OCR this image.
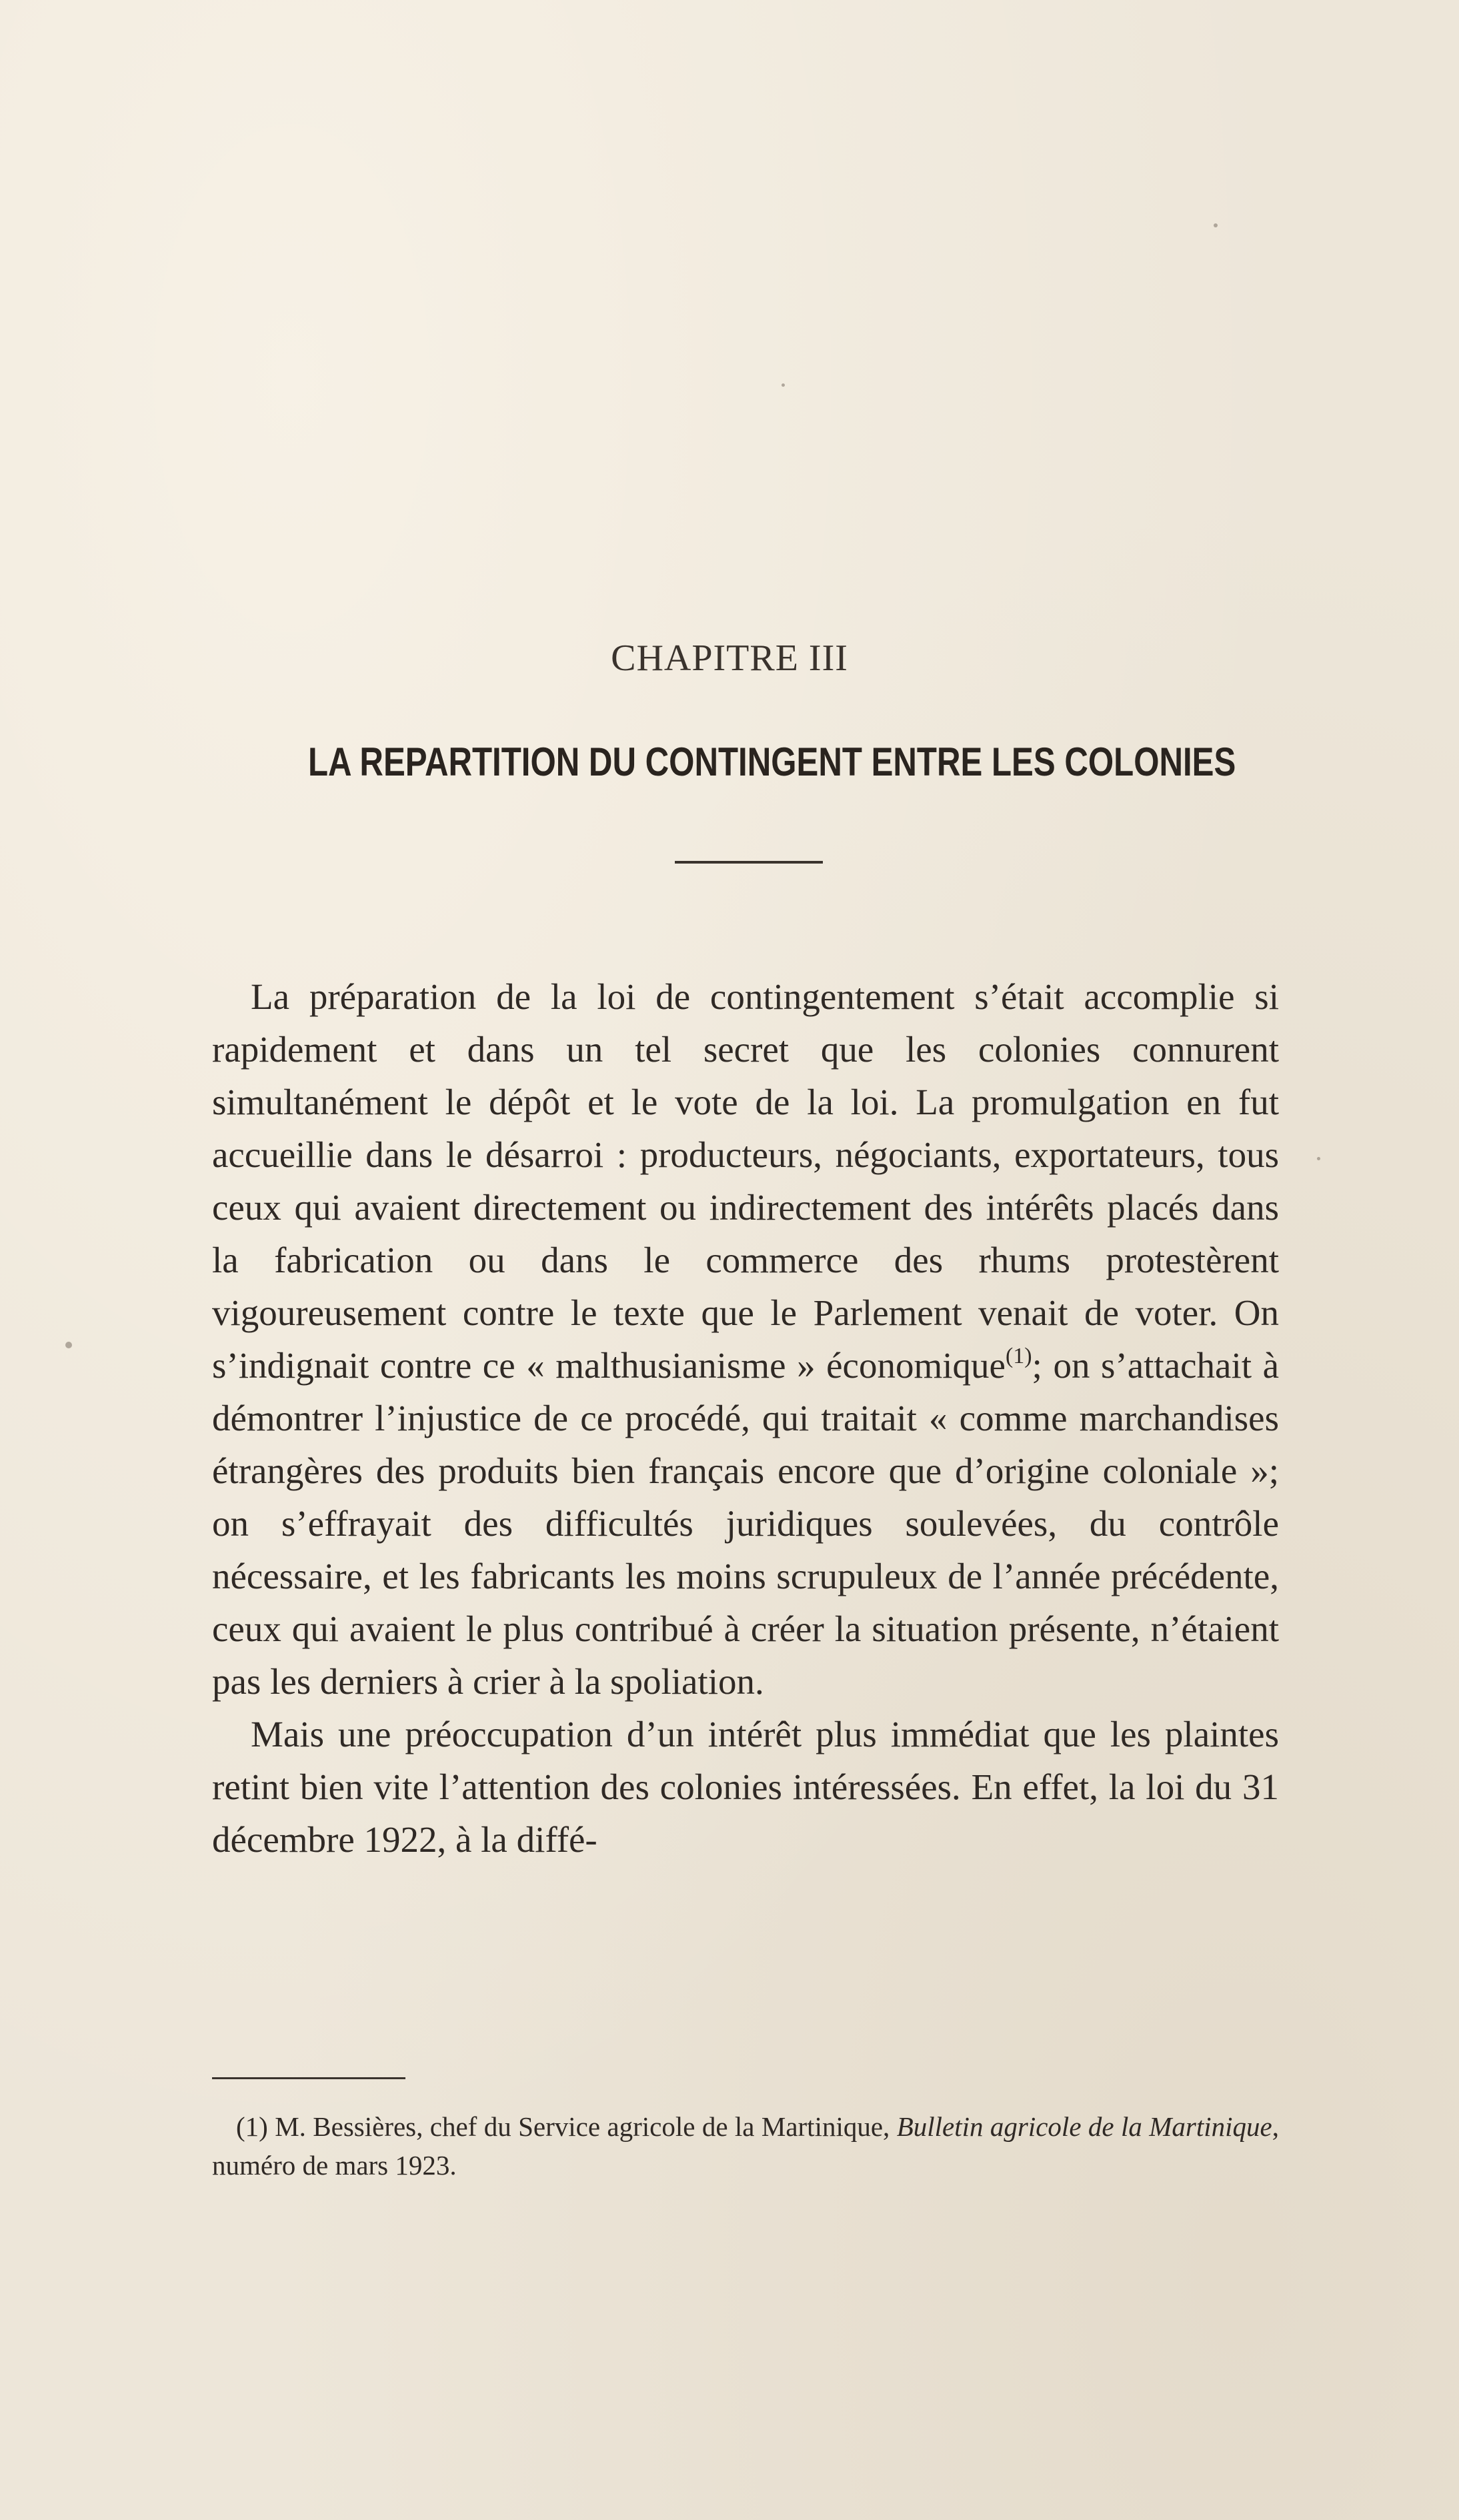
CHAPITRE III
LA REPARTITION DU CONTINGENT ENTRE LES COLONIES

La préparation de la loi de contingentement s’était accomplie si rapidement et dans un tel secret que les colonies connurent simultanément le dépôt et le vote de la loi. La promulgation en fut accueillie dans le désarroi : producteurs, négociants, exportateurs, tous ceux qui avaient directement ou indirectement des intérêts placés dans la fabrication ou dans le commerce des rhums protestèrent vigoureusement contre le texte que le Parlement venait de voter. On s’indignait contre ce « malthusianisme » économique$^{(1)}$; on s’attachait à démontrer l’injustice de ce procédé, qui traitait « comme marchandises étrangères des produits bien français encore que d’origine coloniale »; on s’effrayait des difficultés juridiques soulevées, du contrôle nécessaire, et les fabricants les moins scrupuleux de l’année précédente, ceux qui avaient le plus contribué à créer la situation présente, n’étaient pas les derniers à crier à la spoliation.

Mais une préoccupation d’un intérêt plus immédiat que les plaintes retint bien vite l’attention des colonies intéressées. En effet, la loi du 31 décembre 1922, à la diffé-

(1) M. Bessières, chef du Service agricole de la Martinique, Bulletin agricole de la Martinique, numéro de mars 1923.
